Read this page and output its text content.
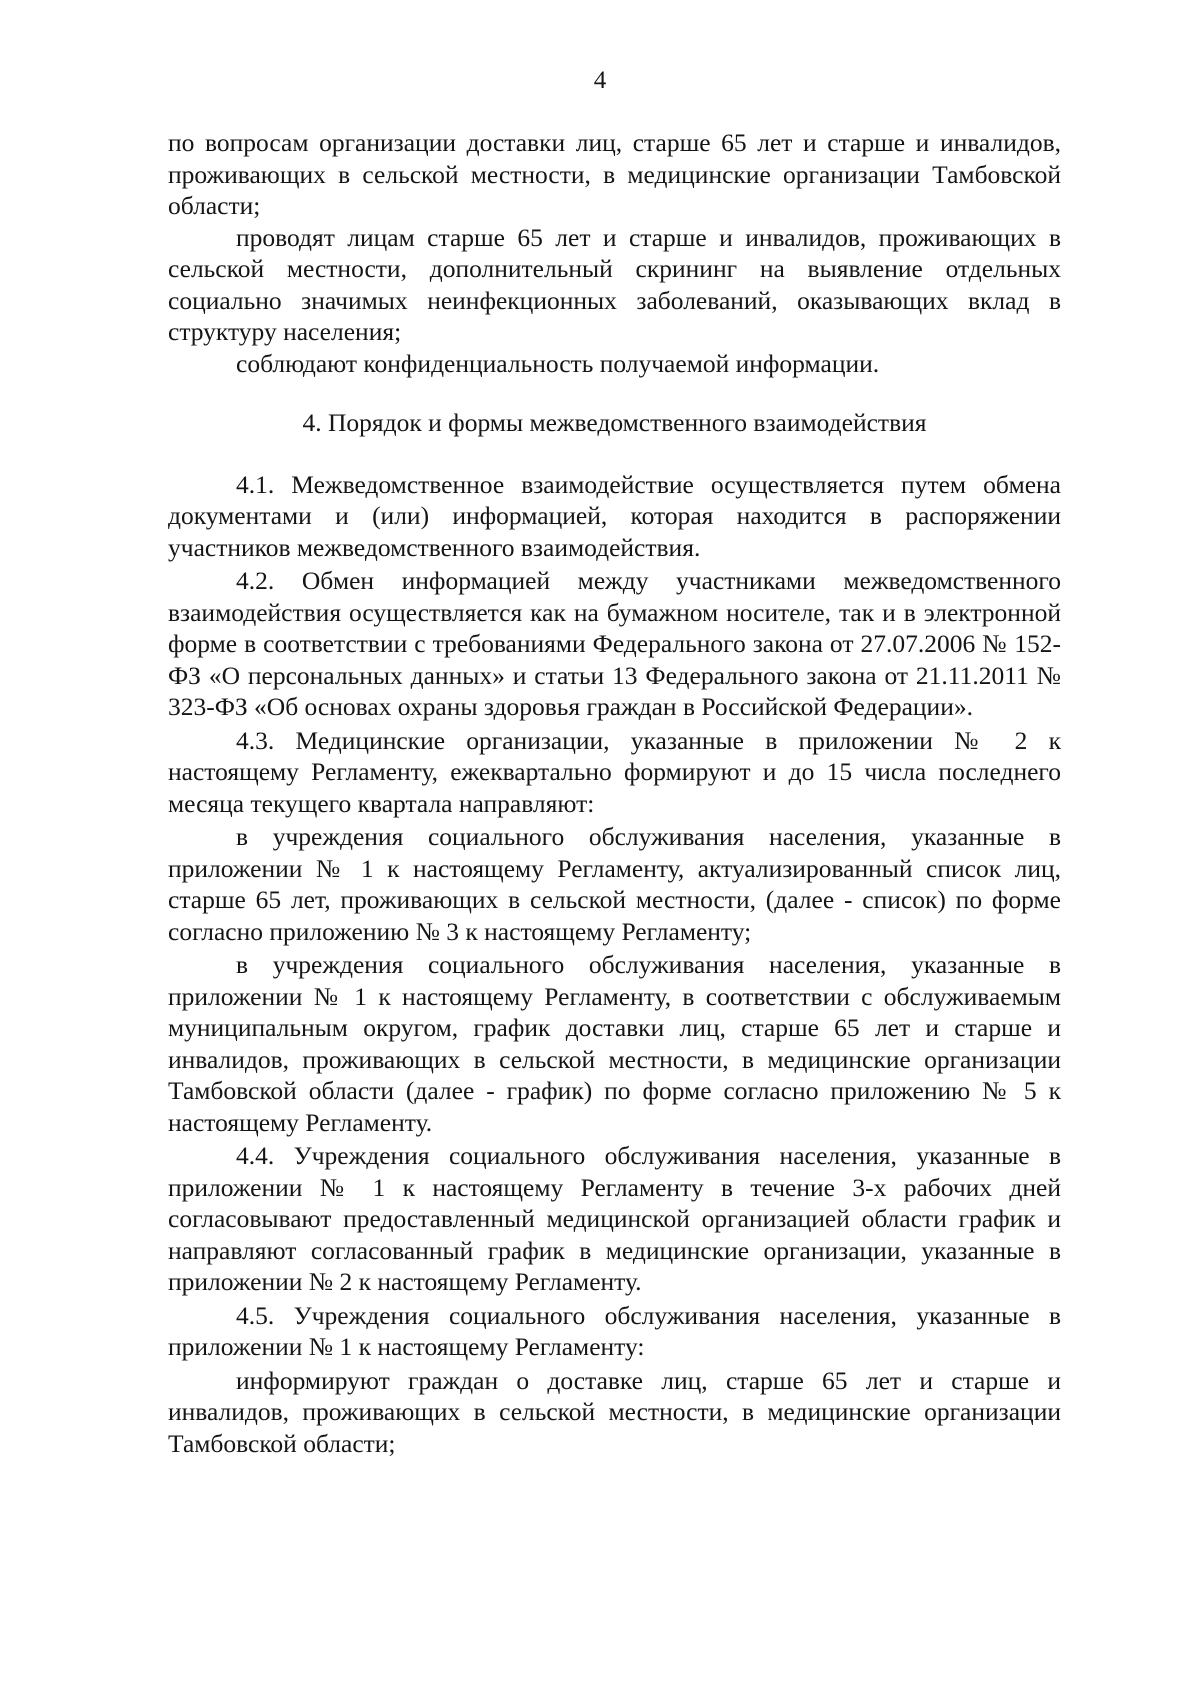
4

по вопросам организации доставки лиц, старше 65 лет и старше и инвалидов, проживающих в сельской местности, в медицинские организации Тамбовской области;

проводят лицам старше 65 лет и старше и инвалидов, проживающих в сельской местности, дополнительный скрининг на выявление отдельных социально значимых неинфекционных заболеваний, оказывающих вклад в структуру населения;

соблюдают конфиденциальность получаемой информации.

4. Порядок и формы межведомственного взаимодействия

4.1. Межведомственное взаимодействие осуществляется путем обмена документами и (или) информацией, которая находится в распоряжении участников межведомственного взаимодействия.

4.2. Обмен информацией между участниками межведомственного взаимодействия осуществляется как на бумажном носителе, так и в электронной форме в соответствии с требованиями Федерального закона от 27.07.2006 № 152-ФЗ «О персональных данных» и статьи 13 Федерального закона от 21.11.2011 № 323-ФЗ «Об основах охраны здоровья граждан в Российской Федерации».

4.3. Медицинские организации, указанные в приложении № 2 к настоящему Регламенту, ежеквартально формируют и до 15 числа последнего месяца текущего квартала направляют:

в учреждения социального обслуживания населения, указанные в приложении № 1 к настоящему Регламенту, актуализированный список лиц, старше 65 лет, проживающих в сельской местности, (далее - список) по форме согласно приложению № 3 к настоящему Регламенту;

в учреждения социального обслуживания населения, указанные в приложении № 1 к настоящему Регламенту, в соответствии с обслуживаемым муниципальным округом, график доставки лиц, старше 65 лет и старше и инвалидов, проживающих в сельской местности, в медицинские организации Тамбовской области (далее - график) по форме согласно приложению № 5 к настоящему Регламенту.

4.4. Учреждения социального обслуживания населения, указанные в приложении № 1 к настоящему Регламенту в течение 3-х рабочих дней согласовывают предоставленный медицинской организацией области график и направляют согласованный график в медицинские организации, указанные в приложении № 2 к настоящему Регламенту.

4.5. Учреждения социального обслуживания населения, указанные в приложении № 1 к настоящему Регламенту:

информируют граждан о доставке лиц, старше 65 лет и старше и инвалидов, проживающих в сельской местности, в медицинские организации Тамбовской области;
